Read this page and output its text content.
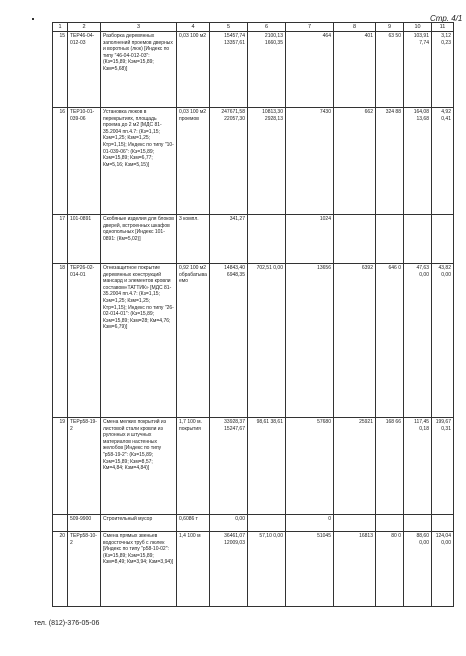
Стр. 4/1
1	2	3	4	5	6	7	8	9	10	11
15	ТЕР46-04-012-03	Разборка деревянных заполнений проемов дверных и воротных (люк) [Индекс по типу "46-04-012-03": (Кз=15,89; Кэм=15,89; Кзм=5,68)]	0,03 100 м2	15457,74 13357,61	2100,13 1660,35	464	401	63 50	103,91 7,74	3,12 0,23
16	ТЕР10-01-039-06	Установка люков в перекрытиях, площадь проема до 2 м2 [МДС 81-35.2004 пп.4.7: (Кз=1,15; Кэм=1,25; Кзм=1,25; Ктр=1,15); Индекс по типу "10-01-039-06": (Кз=15,89; Кэм=15,89; Кзм=6,77; Км=5,16; Кзм=5,15)]	0,03 100 м2 проемов	247671,58 22057,30	10813,30 2928,13	7430	662	324 88	164,08 13,68	4,92 0,41
17	101-0891	Скобяные изделия для блоков дверей, встроенных шкафов однопольных [Индекс 101-0891: (Км=5,02)]	3 компл.	341,27		1024				
18	ТЕР26-02-014-01	Огнезащитное покрытие деревянных конструкций мансард и элементов кровли составом«ТАТТИК» [МДС 81-35.2004 пп.4.7: (Кз=1,15; Кэм=1,25; Кзм=1,25; Ктр=1,15); Индекс по типу "26-02-014-01": (Кз=15,89; Кэм=15,89; Кзм=28; Км=4,76; Кзм=6,79)]	0,92 100 м2 обрабатываемо	14843,40 6948,35	702,51 0,00	13656	6392	646 0	47,63 0,00	43,82 0,00
19	ТЕРр58-19-2	Смена мелких покрытий из листовой стали кровли из рулонных и штучных материалов настенных желобов [Индекс по типу "р58-19-2": (Кз=15,89; Кэм=15,89; Кзм=8,57; Км=4,84; Кзм=4,84)]	1,7 100 м. покрытия	33928,37 15247,67	98,61 38,61	57680	25921	168 66	117,45 0,18	199,67 0,31
	509-9900	Строительный мусор	0,6086 т	0,00		0				
20	ТЕРр58-10-2	Смена прямых звеньев водосточных труб с люлек [Индекс по типу "р58-10-02": (Кз=15,89; Кэм=15,89; Кзм=8,49; Км=3,94; Кзм=3,94)]	1,4 100 м	36461,07 12009,03	57,10 0,00	51045	16813	80 0	88,60 0,00	124,04 0,00
тел. (812)-376-05-06
